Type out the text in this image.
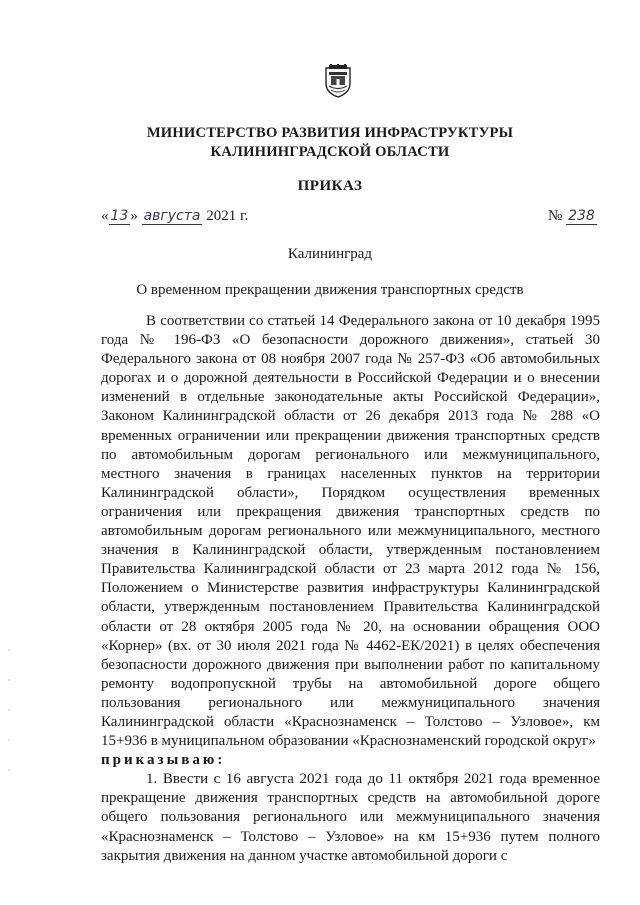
МИНИСТЕРСТВО РАЗВИТИЯ ИНФРАСТРУКТУРЫ
КАЛИНИНГРАДСКОЙ ОБЛАСТИ
ПРИКАЗ
« 13 » августа 2021 г.	№ 238
Калининград
О временном прекращении движения транспортных средств

В соответствии со статьей 14 Федерального закона от 10 декабря 1995 года № 196-ФЗ «О безопасности дорожного движения», статьей 30 Федерального закона от 08 ноября 2007 года № 257-ФЗ «Об автомобильных дорогах и о дорожной деятельности в Российской Федерации и о внесении изменений в отдельные законодательные акты Российской Федерации», Законом Калининградской области от 26 декабря 2013 года № 288 «О временных ограничении или прекращении движения транспортных средств по автомобильным дорогам регионального или межмуниципального, местного значения в границах населенных пунктов на территории Калининградской области», Порядком осуществления временных ограничения или прекращения движения транспортных средств по автомобильным дорогам регионального или межмуниципального, местного значения в Калининградской области, утвержденным постановлением Правительства Калининградской области от 23 марта 2012 года № 156, Положением о Министерстве развития инфраструктуры Калининградской области, утвержденным постановлением Правительства Калининградской области от 28 октября 2005 года № 20, на основании обращения ООО «Корнер» (вх. от 30 июля 2021 года № 4462-ЕК/2021) в целях обеспечения безопасности дорожного движения при выполнении работ по капитальному ремонту водопропускной трубы на автомобильной дороге общего пользования регионального или межмуниципального значения Калининградской области «Краснознаменск – Толстово – Узловое», км 15+936 в муниципальном образовании «Краснознаменский городской округ»

приказываю:

1. Ввести с 16 августа 2021 года до 11 октября 2021 года временное прекращение движения транспортных средств на автомобильной дороге общего пользования регионального или межмуниципального значения «Краснознаменск – Толстово – Узловое» на км 15+936 путем полного закрытия движения на данном участке автомобильной дороги с
